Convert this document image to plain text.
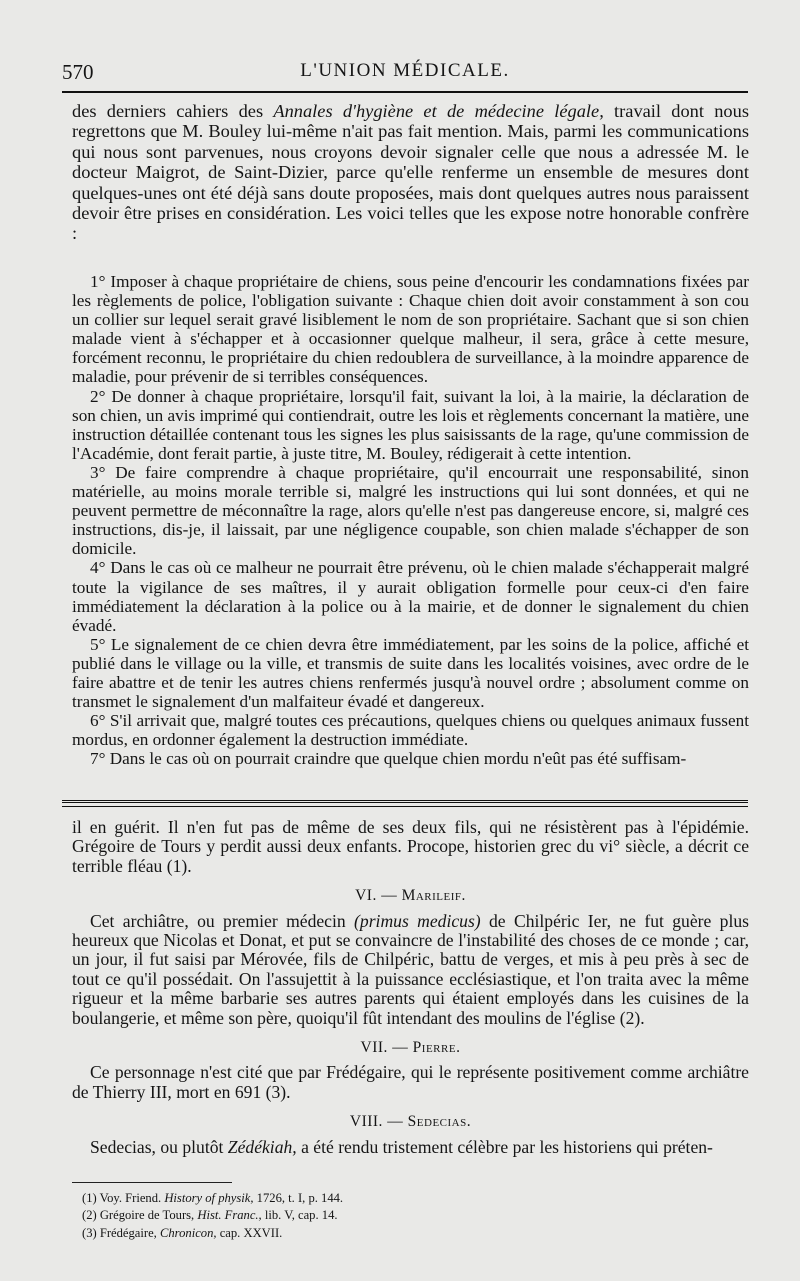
570	L'UNION MÉDICALE.

des derniers cahiers des Annales d'hygiène et de médecine légale, travail dont nous regrettons que M. Bouley lui-même n'ait pas fait mention. Mais, parmi les communications qui nous sont parvenues, nous croyons devoir signaler celle que nous a adressée M. le docteur Maigrot, de Saint-Dizier, parce qu'elle renferme un ensemble de mesures dont quelques-unes ont été déjà sans doute proposées, mais dont quelques autres nous paraissent devoir être prises en considération. Les voici telles que les expose notre honorable confrère :

1° Imposer à chaque propriétaire de chiens, sous peine d'encourir les condamnations fixées par les règlements de police, l'obligation suivante : Chaque chien doit avoir constamment à son cou un collier sur lequel serait gravé lisiblement le nom de son propriétaire. Sachant que si son chien malade vient à s'échapper et à occasionner quelque malheur, il sera, grâce à cette mesure, forcément reconnu, le propriétaire du chien redoublera de surveillance, à la moindre apparence de maladie, pour prévenir de si terribles conséquences.

2° De donner à chaque propriétaire, lorsqu'il fait, suivant la loi, à la mairie, la déclaration de son chien, un avis imprimé qui contiendrait, outre les lois et règlements concernant la matière, une instruction détaillée contenant tous les signes les plus saisissants de la rage, qu'une commission de l'Académie, dont ferait partie, à juste titre, M. Bouley, rédigerait à cette intention.

3° De faire comprendre à chaque propriétaire, qu'il encourrait une responsabilité, sinon matérielle, au moins morale terrible si, malgré les instructions qui lui sont données, et qui ne peuvent permettre de méconnaître la rage, alors qu'elle n'est pas dangereuse encore, si, malgré ces instructions, dis-je, il laissait, par une négligence coupable, son chien malade s'échapper de son domicile.

4° Dans le cas où ce malheur ne pourrait être prévenu, où le chien malade s'échapperait malgré toute la vigilance de ses maîtres, il y aurait obligation formelle pour ceux-ci d'en faire immédiatement la déclaration à la police ou à la mairie, et de donner le signalement du chien évadé.

5° Le signalement de ce chien devra être immédiatement, par les soins de la police, affiché et publié dans le village ou la ville, et transmis de suite dans les localités voisines, avec ordre de le faire abattre et de tenir les autres chiens renfermés jusqu'à nouvel ordre ; absolument comme on transmet le signalement d'un malfaiteur évadé et dangereux.

6° S'il arrivait que, malgré toutes ces précautions, quelques chiens ou quelques animaux fussent mordus, en ordonner également la destruction immédiate.

7° Dans le cas où on pourrait craindre que quelque chien mordu n'eût pas été suffisam-

il en guérit. Il n'en fut pas de même de ses deux fils, qui ne résistèrent pas à l'épidémie. Grégoire de Tours y perdit aussi deux enfants. Procope, historien grec du vi° siècle, a décrit ce terrible fléau (1).

VI. — Marileif.

Cet archiâtre, ou premier médecin (primus medicus) de Chilpéric Ier, ne fut guère plus heureux que Nicolas et Donat, et put se convaincre de l'instabilité des choses de ce monde ; car, un jour, il fut saisi par Mérovée, fils de Chilpéric, battu de verges, et mis à peu près à sec de tout ce qu'il possédait. On l'assujettit à la puissance ecclésiastique, et l'on traita avec la même rigueur et la même barbarie ses autres parents qui étaient employés dans les cuisines de la boulangerie, et même son père, quoiqu'il fût intendant des moulins de l'église (2).

VII. — Pierre.

Ce personnage n'est cité que par Frédégaire, qui le représente positivement comme archiâtre de Thierry III, mort en 691 (3).

VIII. — Sedecias.

Sedecias, ou plutôt Zédékiah, a été rendu tristement célèbre par les historiens qui préten-

(1) Voy. Friend. History of physik, 1726, t. I, p. 144.

(2) Grégoire de Tours, Hist. Franc., lib. V, cap. 14.

(3) Frédégaire, Chronicon, cap. XXVII.
